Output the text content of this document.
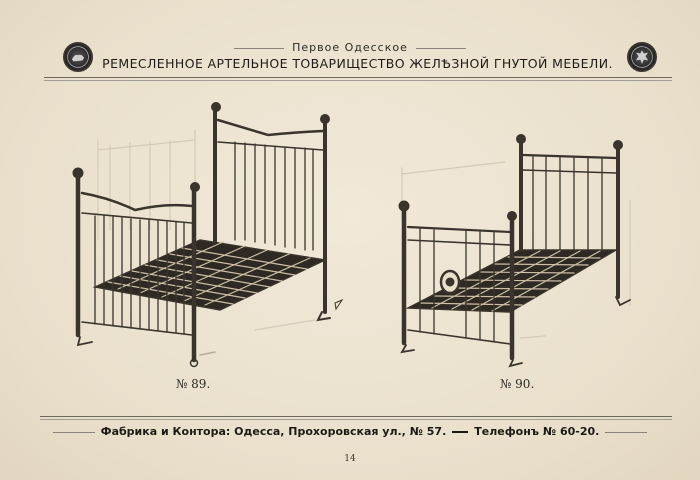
Первое Одесское
РЕМЕСЛЕННОЕ АРТЕЛЬНОЕ ТОВАРИЩЕСТВО ЖЕЛѢЗНОЙ ГНУТОЙ МЕБЕЛИ.
№ 89.	№ 90.
Фабрика и Контора: Одесса, Прохоровская ул., № 57.	Телефонъ № 60-20.
14
